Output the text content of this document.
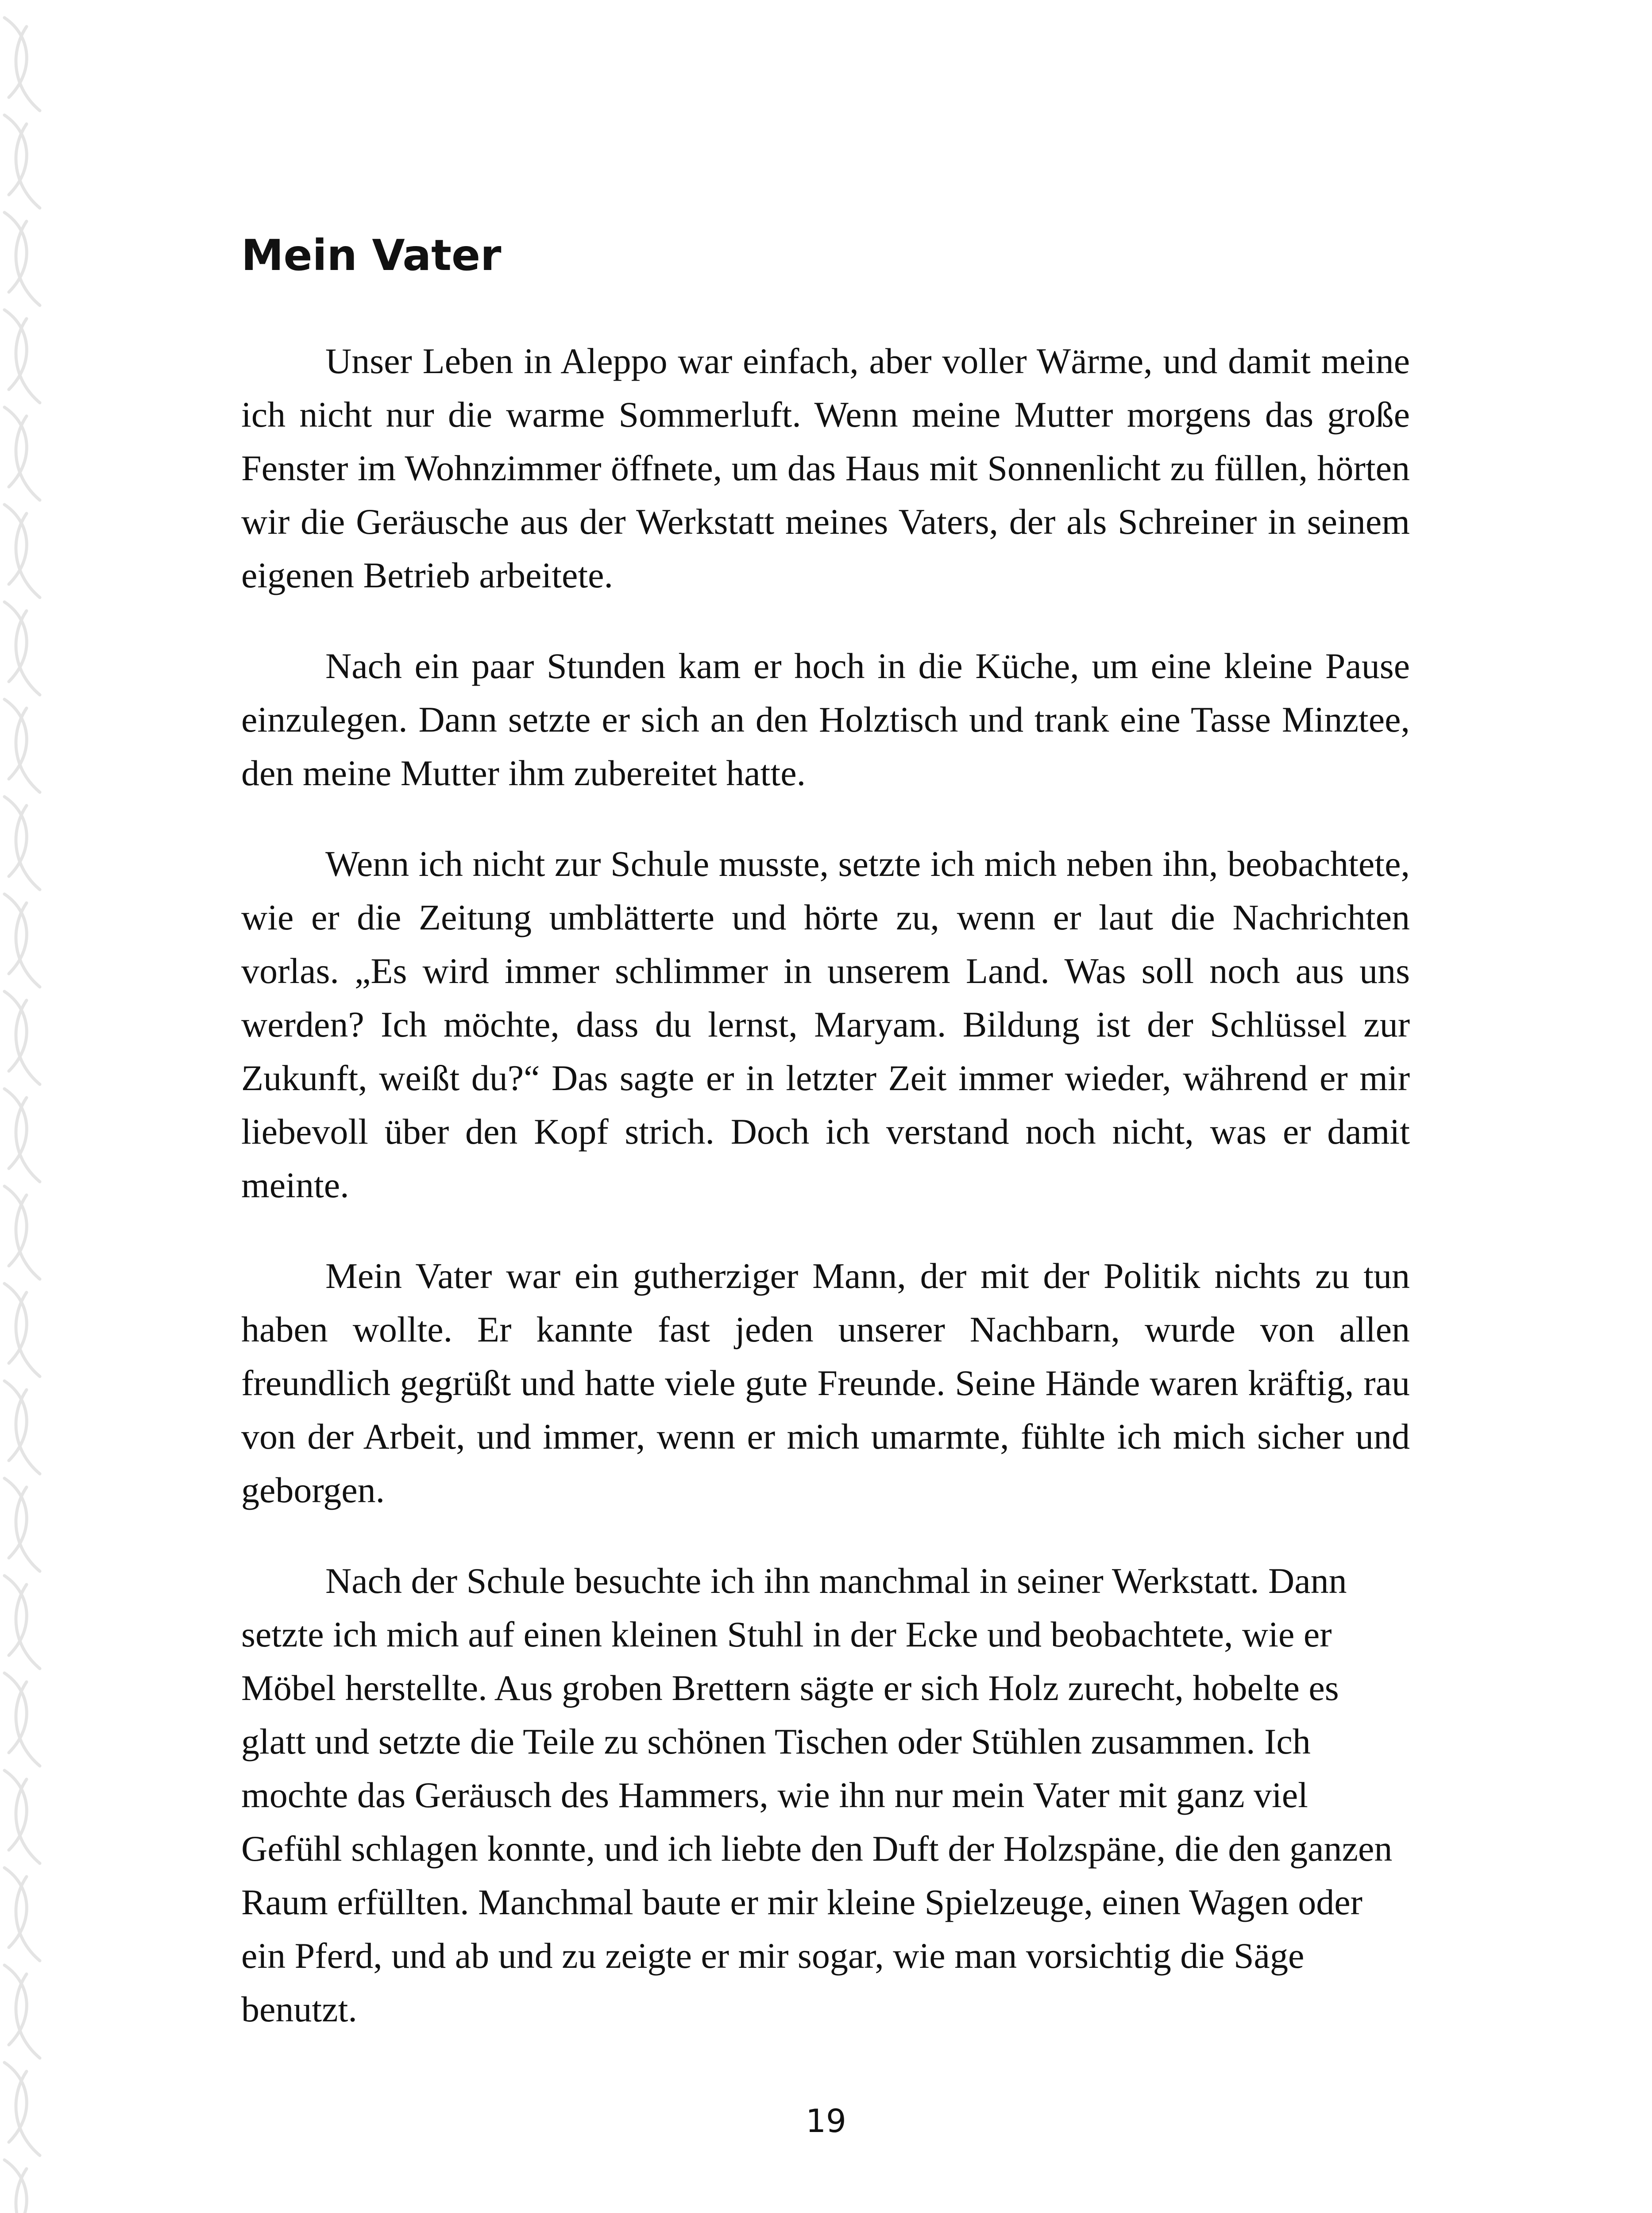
Mein Vater

Unser Leben in Aleppo war einfach, aber voller Wärme, und damit meine ich nicht nur die warme Sommerluft. Wenn meine Mutter morgens das große Fenster im Wohnzimmer öffnete, um das Haus mit Sonnenlicht zu füllen, hörten wir die Geräusche aus der Werkstatt meines Vaters, der als Schreiner in seinem eigenen Betrieb arbeitete.

Nach ein paar Stunden kam er hoch in die Küche, um eine kleine Pause einzulegen. Dann setzte er sich an den Holztisch und trank eine Tasse Minztee, den meine Mutter ihm zubereitet hatte.

Wenn ich nicht zur Schule musste, setzte ich mich neben ihn, beobachtete, wie er die Zeitung umblätterte und hörte zu, wenn er laut die Nachrichten vorlas. „Es wird immer schlimmer in unserem Land. Was soll noch aus uns werden? Ich möchte, dass du lernst, Maryam. Bildung ist der Schlüssel zur Zukunft, weißt du?“ Das sagte er in letzter Zeit immer wieder, während er mir liebevoll über den Kopf strich. Doch ich verstand noch nicht, was er damit meinte.

Mein Vater war ein gutherziger Mann, der mit der Politik nichts zu tun haben wollte. Er kannte fast jeden unserer Nachbarn, wurde von allen freundlich gegrüßt und hatte viele gute Freunde. Seine Hände waren kräftig, rau von der Arbeit, und immer, wenn er mich umarmte, fühlte ich mich sicher und geborgen.

Nach der Schule besuchte ich ihn manchmal in seiner Werkstatt. Dann setzte ich mich auf einen kleinen Stuhl in der Ecke und beobachtete, wie er Möbel herstellte. Aus groben Brettern sägte er sich Holz zurecht, hobelte es glatt und setzte die Teile zu schönen Tischen oder Stühlen zusammen. Ich mochte das Geräusch des Hammers, wie ihn nur mein Vater mit ganz viel Gefühl schlagen konnte, und ich liebte den Duft der Holzspäne, die den ganzen Raum erfüllten. Manchmal baute er mir kleine Spielzeuge, einen Wagen oder ein Pferd, und ab und zu zeigte er mir sogar, wie man vorsichtig die Säge benutzt.

19
